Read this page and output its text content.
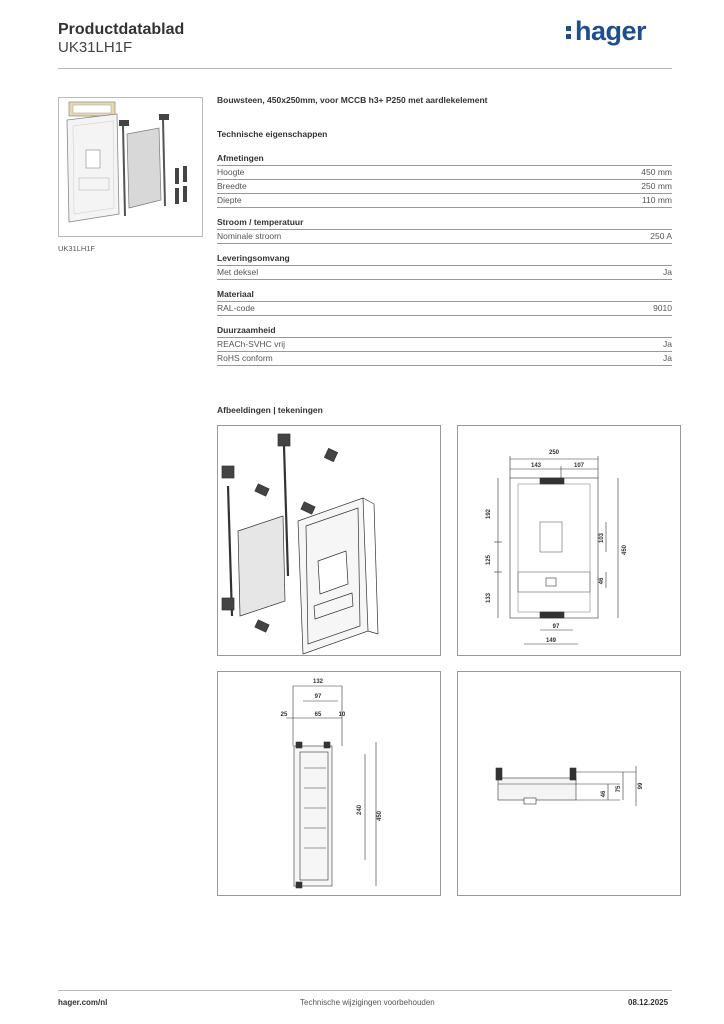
Productdatablad
UK31LH1F
hager
UK31LH1F
Bouwsteen, 450x250mm, voor MCCB h3+ P250 met aardlekelement
Technische eigenschappen
Afmetingen
Hoogte	450 mm
Breedte	250 mm
Diepte	110 mm
Stroom / temperatuur
Nominale stroom	250 A
Leveringsomvang
Met deksel	Ja
Materiaal
RAL-code	9010
Duurzaamheid
REACh-SVHC vrij	Ja
RoHS conform	Ja
Afbeeldingen | tekeningen
250
143	107
192
125
133
103
46
450
97
149
132
97
25	65	10
240
450
46
75	99
hager.com/nl	Technische wijzigingen voorbehouden	08.12.2025
